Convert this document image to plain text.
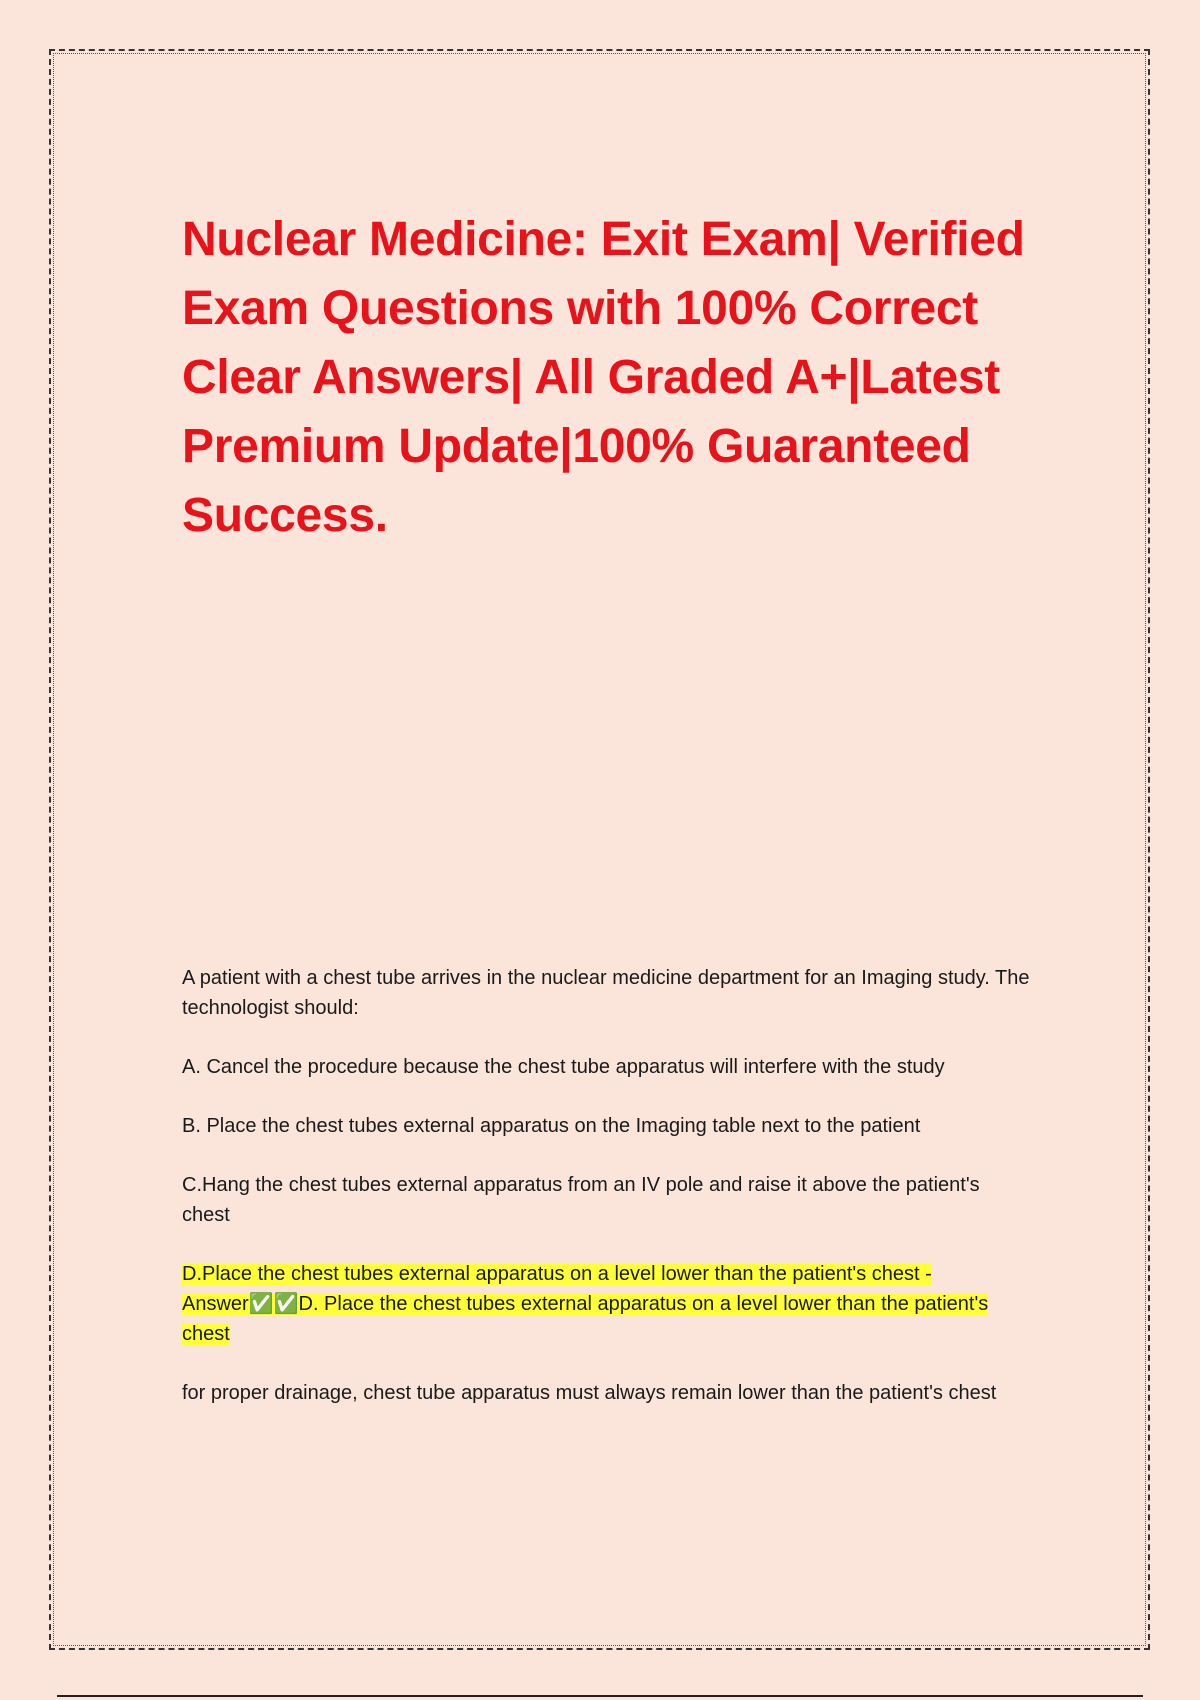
Nuclear Medicine: Exit Exam| Verified Exam Questions with 100% Correct Clear Answers| All Graded A+|Latest Premium Update|100% Guaranteed Success.

A patient with a chest tube arrives in the nuclear medicine department for an Imaging study. The technologist should:

A. Cancel the procedure because the chest tube apparatus will interfere with the study

B. Place the chest tubes external apparatus on the Imaging table next to the patient

C.Hang the chest tubes external apparatus from an IV pole and raise it above the patient's chest

D.Place the chest tubes external apparatus on a level lower than the patient's chest - Answer✅✅D. Place the chest tubes external apparatus on a level lower than the patient's chest

for proper drainage, chest tube apparatus must always remain lower than the patient's chest
